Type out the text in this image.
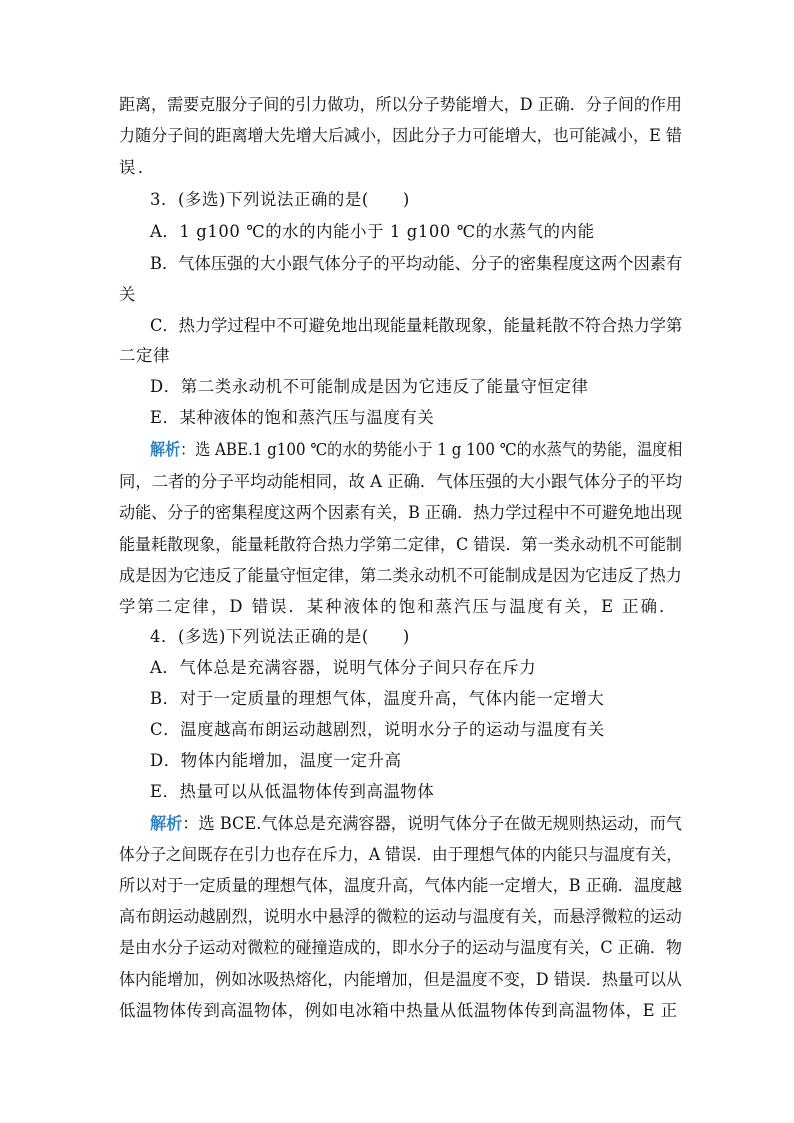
距离，需要克服分子间的引力做功，所以分子势能增大，D 正确．分子间的作用
力随分子间的距离增大先增大后减小，因此分子力可能增大，也可能减小，E 错
误．
3．(多选)下列说法正确的是(　　)
A．1 g100 ℃的水的内能小于 1 g100 ℃的水蒸气的内能
B．气体压强的大小跟气体分子的平均动能、分子的密集程度这两个因素有
关
C．热力学过程中不可避免地出现能量耗散现象，能量耗散不符合热力学第
二定律
D．第二类永动机不可能制成是因为它违反了能量守恒定律
E．某种液体的饱和蒸汽压与温度有关
解析：选 ABE.1 g100 ℃的水的势能小于 1 g 100 ℃的水蒸气的势能，温度相
同，二者的分子平均动能相同，故 A 正确．气体压强的大小跟气体分子的平均
动能、分子的密集程度这两个因素有关，B 正确．热力学过程中不可避免地出现
能量耗散现象，能量耗散符合热力学第二定律，C 错误．第一类永动机不可能制
成是因为它违反了能量守恒定律，第二类永动机不可能制成是因为它违反了热力
学第二定律，D 错误．某种液体的饱和蒸汽压与温度有关，E 正确．
4．(多选)下列说法正确的是(　　)
A．气体总是充满容器，说明气体分子间只存在斥力
B．对于一定质量的理想气体，温度升高，气体内能一定增大
C．温度越高布朗运动越剧烈，说明水分子的运动与温度有关
D．物体内能增加，温度一定升高
E．热量可以从低温物体传到高温物体
解析：选 BCE.气体总是充满容器，说明气体分子在做无规则热运动，而气
体分子之间既存在引力也存在斥力，A 错误．由于理想气体的内能只与温度有关，
所以对于一定质量的理想气体，温度升高，气体内能一定增大，B 正确．温度越
高布朗运动越剧烈，说明水中悬浮的微粒的运动与温度有关，而悬浮微粒的运动
是由水分子运动对微粒的碰撞造成的，即水分子的运动与温度有关，C 正确．物
体内能增加，例如冰吸热熔化，内能增加，但是温度不变，D 错误．热量可以从
低温物体传到高温物体，例如电冰箱中热量从低温物体传到高温物体，E 正
